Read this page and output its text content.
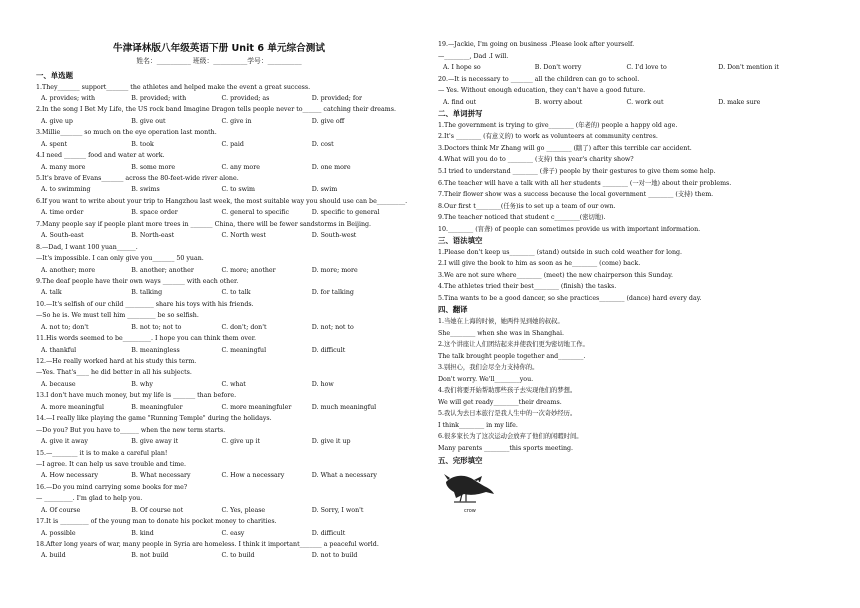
牛津译林版八年级英语下册 Unit 6 单元综合测试
姓名：__________ 班级：__________学号：__________
一、单选题
1.They_______ support_______ the athletes and helped make the event a great success.
A. provides; with	B. provided; with	C. provided; as	D. provided; for
2.In the song I Bet My Life, the US rock band Imagine Dragon tells people never to______ catching their dreams.
A. give up	B. give out	C. give in	D. give off
3.Millie_______ so much on the eye operation last month.
A. spent	B. took	C. paid	D. cost
4.I need _______ food and water at work.
A. many more	B. some more	C. any more	D. one more
5.It's brave of Evans_______ across the 80-feet-wide river alone.
A. to swimming	B. swims	C. to swim	D. swim
6.If you want to write about your trip to Hangzhou last week, the most suitable way you should use can be_________.
A. time order	B. space order	C. general to specific	D. specific to general
7.Many people say if people plant more trees in _______ China, there will be fewer sandstorms in Beijing.
A. South-east	B. North-east	C. North west	D. South-west
8.—Dad, I want 100 yuan______.
—It's impossible. I can only give you_______ 50 yuan.
A. another; more	B. another; another	C. more; another	D. more; more
9.The deaf people have their own ways _______ with each other.
A. talk	B. talking	C. to talk	D. for talking
10.—It's selfish of our child _________ share his toys with his friends.
—So he is. We must tell him _________ be so selfish.
A. not to; don't	B. not to; not to	C. don't; don't	D. not; not to
11.His words seemed to be_________. I hope you can think them over.
A. thankful	B. meaningless	C. meaningful	D. difficult
12.—He really worked hard at his study this term.
—Yes. That's____ he did better in all his subjects.
A. because	B. why	C. what	D. how
13.I don't have much money, but my life is _______ than before.
A. more meaningful	B. meaningfuler	C. more meaningfuler	D. much meaningful
14.—I really like playing the game "Running Temple" during the holidays.
—Do you? But you have to______ when the new term starts.
A. give it away	B. give away it	C. give up it	D. give it up
15.—________ it is to make a careful plan!
—I agree. It can help us save trouble and time.
A. How necessary	B. What necessary	C. How a necessary	D. What a necessary
16.—Do you mind carrying some books for me?
— _________. I'm glad to help you.
A. Of course	B. Of course not	C. Yes, please	D. Sorry, I won't
17.It is _________ of the young man to donate his pocket money to charities.
A. possible	B. kind	C. easy	D. difficult
18.After long years of war, many people in Syria are homeless. I think it important_______ a peaceful world.
A. build	B. not build	C. to build	D. not to build
19.—Jackie, I'm going on business .Please look after yourself.
—________, Dad .I will.
A. I hope so	B. Don't worry	C. I'd love to	D. Don't mention it
20.—It is necessary to _______ all the children can go to school.
— Yes. Without enough education, they can't have a good future.
A. find out	B. worry about	C. work out	D. make sure
二、单词拼写
1.The government is trying to give________ (年老的) people a happy old age.
2.It's ________ (有意义的) to work as volunteers at community centres.
3.Doctors think Mr Zhang will go ________ (瞎了) after this terrible car accident.
4.What will you do to ________ (支持) this year's charity show?
5.I tried to understand ________ (聋子) people by their gestures to give them some help.
6.The teacher will have a talk with all her students ________ (一对一地) about their problems.
7.Their flower show was a success because the local government ________ (支持) them.
8.Our first t________(任务)is to set up a team of our own.
9.The teacher noticed that student c________(密切地).
10.________ (盲聋) of people can sometimes provide us with important information.
三、语法填空
1.Please don't keep us________ (stand) outside in such cold weather for long.
2.I will give the book to him as soon as he________ (come) back.
3.We are not sure where________ (meet) the new chairperson this Sunday.
4.The athletes tried their best________ (finish) the tasks.
5.Tina wants to be a good dancer, so she practices________ (dance) hard every day.
四、翻译
1.当她在上海的时候，她两件见到她的叔叔。
She________ when she was in Shanghai.
2.这个讲座让人们团结起来并使我们更为密切地工作。
The talk brought people together and________.
3.别担心，我们会尽全力支持你的。
Don't worry. We'll________you.
4.我们将要开始帮助那些孩子去实现他们的梦想。
We will get ready________their dreams.
5.我认为去日本旅行是我人生中的一次奇妙经历。
I think________ in my life.
6.很多家长为了这次运动会放弃了他们的闲暇时间。
Many parents ________this sports meeting.
五、完形填空
crow
